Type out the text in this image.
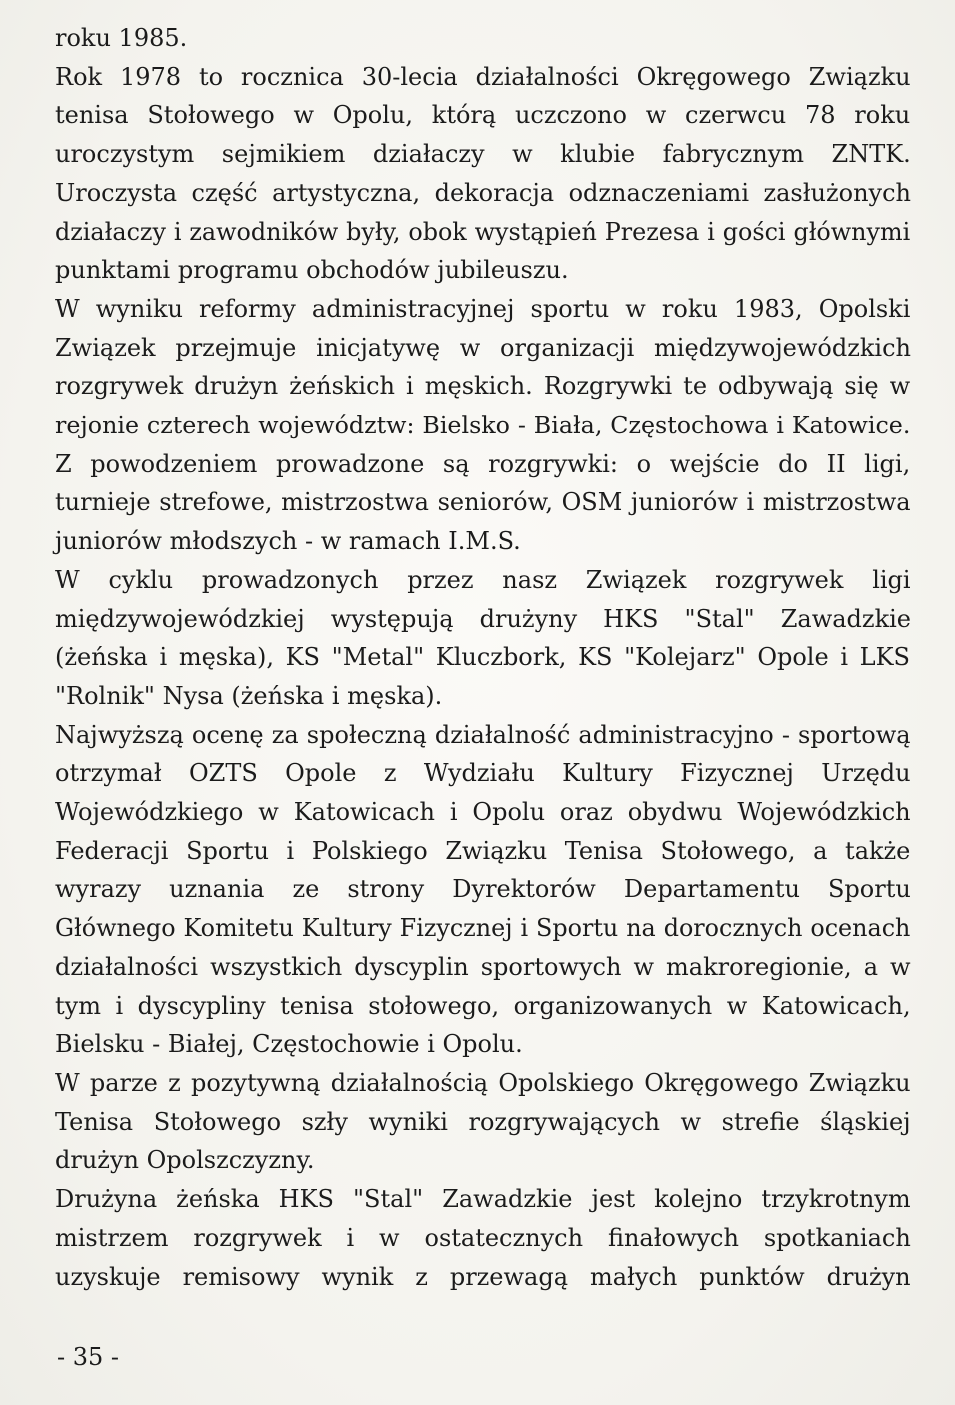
roku 1985.
Rok 1978 to rocznica 30-lecia działalności Okręgowego Związku
tenisa Stołowego w Opolu, którą uczczono w czerwcu 78 roku
uroczystym sejmikiem działaczy w klubie fabrycznym ZNTK.
Uroczysta część artystyczna, dekoracja odznaczeniami zasłużonych
działaczy i zawodników były, obok wystąpień Prezesa i gości głównymi
punktami programu obchodów jubileuszu.
W wyniku reformy administracyjnej sportu w roku 1983, Opolski
Związek przejmuje inicjatywę w organizacji międzywojewódzkich
rozgrywek drużyn żeńskich i męskich. Rozgrywki te odbywają się w
rejonie czterech województw: Bielsko - Biała, Częstochowa i Katowice.
Z powodzeniem prowadzone są rozgrywki: o wejście do II ligi,
turnieje strefowe, mistrzostwa seniorów, OSM juniorów i mistrzostwa
juniorów młodszych - w ramach I.M.S.
W cyklu prowadzonych przez nasz Związek rozgrywek ligi
międzywojewódzkiej występują drużyny HKS "Stal" Zawadzkie
(żeńska i męska), KS "Metal" Kluczbork, KS "Kolejarz" Opole i LKS
"Rolnik" Nysa (żeńska i męska).
Najwyższą ocenę za społeczną działalność administracyjno - sportową
otrzymał OZTS Opole z Wydziału Kultury Fizycznej Urzędu
Wojewódzkiego w Katowicach i Opolu oraz obydwu Wojewódzkich
Federacji Sportu i Polskiego Związku Tenisa Stołowego, a także
wyrazy uznania ze strony Dyrektorów Departamentu Sportu
Głównego Komitetu Kultury Fizycznej i Sportu na dorocznych ocenach
działalności wszystkich dyscyplin sportowych w makroregionie, a w
tym i dyscypliny tenisa stołowego, organizowanych w Katowicach,
Bielsku - Białej, Częstochowie i Opolu.
W parze z pozytywną działalnością Opolskiego Okręgowego Związku
Tenisa Stołowego szły wyniki rozgrywających w strefie śląskiej
drużyn Opolszczyzny.
Drużyna żeńska HKS "Stal" Zawadzkie jest kolejno trzykrotnym
mistrzem rozgrywek i w ostatecznych finałowych spotkaniach
uzyskuje remisowy wynik z przewagą małych punktów drużyn
- 35 -
